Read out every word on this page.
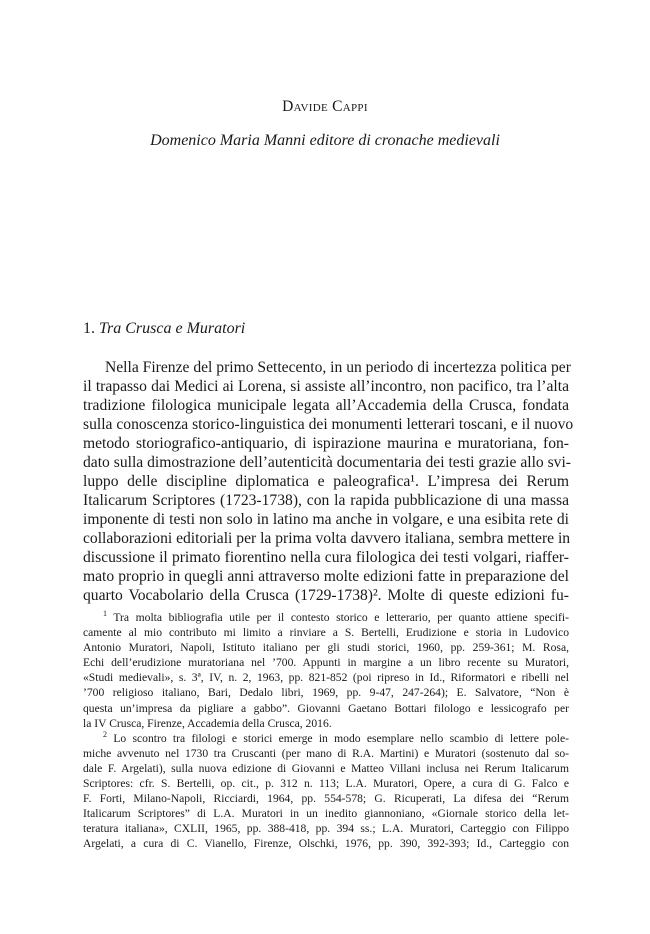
Davide Cappi
Domenico Maria Manni editore di cronache medievali
1. Tra Crusca e Muratori
Nella Firenze del primo Settecento, in un periodo di incertezza politica per
il trapasso dai Medici ai Lorena, si assiste all’incontro, non pacifico, tra l’alta
tradizione filologica municipale legata all’Accademia della Crusca, fondata
sulla conoscenza storico-linguistica dei monumenti letterari toscani, e il nuovo
metodo storiografico-antiquario, di ispirazione maurina e muratoriana, fon-
dato sulla dimostrazione dell’autenticità documentaria dei testi grazie allo svi-
luppo delle discipline diplomatica e paleografica¹. L’impresa dei Rerum
Italicarum Scriptores (1723-1738), con la rapida pubblicazione di una massa
imponente di testi non solo in latino ma anche in volgare, e una esibita rete di
collaborazioni editoriali per la prima volta davvero italiana, sembra mettere in
discussione il primato fiorentino nella cura filologica dei testi volgari, riaffer-
mato proprio in quegli anni attraverso molte edizioni fatte in preparazione del
quarto Vocabolario della Crusca (1729-1738)². Molte di queste edizioni fu-
$^1$ Tra molta bibliografia utile per il contesto storico e letterario, per quanto attiene specifi-
camente al mio contributo mi limito a rinviare a S. Bertelli, Erudizione e storia in Ludovico
Antonio Muratori, Napoli, Istituto italiano per gli studi storici, 1960, pp. 259-361; M. Rosa,
Echi dell’erudizione muratoriana nel ’700. Appunti in margine a un libro recente su Muratori,
«Studi medievali», s. 3ª, IV, n. 2, 1963, pp. 821-852 (poi ripreso in Id., Riformatori e ribelli nel
’700 religioso italiano, Bari, Dedalo libri, 1969, pp. 9-47, 247-264); E. Salvatore, “Non è
questa un’impresa da pigliare a gabbo”. Giovanni Gaetano Bottari filologo e lessicografo per
la IV Crusca, Firenze, Accademia della Crusca, 2016.
$^2$ Lo scontro tra filologi e storici emerge in modo esemplare nello scambio di lettere pole-
miche avvenuto nel 1730 tra Cruscanti (per mano di R.A. Martini) e Muratori (sostenuto dal so-
dale F. Argelati), sulla nuova edizione di Giovanni e Matteo Villani inclusa nei Rerum Italicarum
Scriptores: cfr. S. Bertelli, op. cit., p. 312 n. 113; L.A. Muratori, Opere, a cura di G. Falco e
F. Forti, Milano-Napoli, Ricciardi, 1964, pp. 554-578; G. Ricuperati, La difesa dei “Rerum
Italicarum Scriptores” di L.A. Muratori in un inedito giannoniano, «Giornale storico della let-
teratura italiana», CXLII, 1965, pp. 388-418, pp. 394 ss.; L.A. Muratori, Carteggio con Filippo
Argelati, a cura di C. Vianello, Firenze, Olschki, 1976, pp. 390, 392-393; Id., Carteggio con
